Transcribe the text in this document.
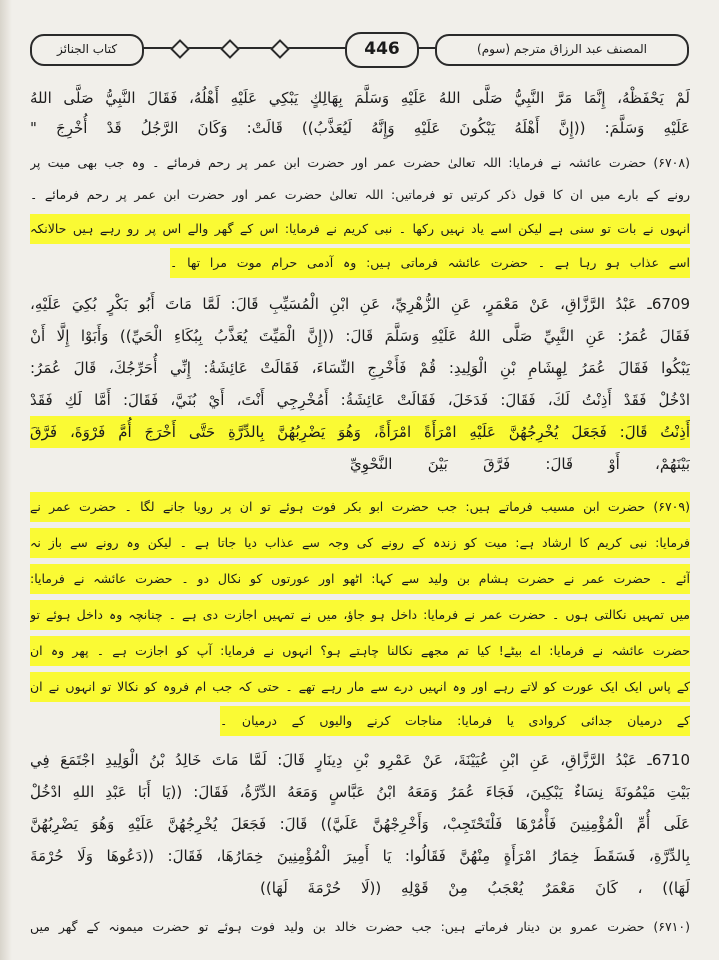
كتاب الجنائز	446	المصنف عبد الرزاق مترجم (سوم)
لَمْ يَحْفَظْهُ، إِنَّمَا مَرَّ النَّبِيُّ صَلَّى اللهُ عَلَيْهِ وَسَلَّمَ بِهَالِكٍ يَبْكِي عَلَيْهِ أَهْلُهُ، فَقَالَ النَّبِيُّ صَلَّى اللهُ
عَلَيْهِ وَسَلَّمَ: ((إِنَّ أَهْلَهُ يَبْكُونَ عَلَيْهِ وَإِنَّهُ لَيُعَذَّبُ)) قَالَتْ: وَكَانَ الرَّجُلُ قَدْ أُخْرِجَ "
(۶۷۰۸) حضرت عائشہ نے فرمایا: اللہ تعالیٰ حضرت عمر اور حضرت ابن عمر پر رحم فرمائے ۔ وہ جب بھی میت پر
رونے کے بارے میں ان کا قول ذکر کرتیں تو فرماتیں: اللہ تعالیٰ حضرت عمر اور حضرت ابن عمر پر رحم فرمائے ۔
انہوں نے بات تو سنی ہے لیکن اسے یاد نہیں رکھا ۔ نبی کریم نے فرمایا: اس کے گھر والے اس پر رو رہے ہیں حالانکہ
اسے عذاب ہو رہا ہے ۔ حضرت عائشہ فرماتی ہیں: وہ آدمی حرام موت مرا تھا ۔
6709ـ عَبْدُ الرَّزَّاقِ، عَنْ مَعْمَرٍ، عَنِ الزُّهْرِيِّ، عَنِ ابْنِ الْمُسَيِّبِ قَالَ: لَمَّا مَاتَ أَبُو بَكْرٍ بُكِيَ عَلَيْهِ،
فَقَالَ عُمَرُ: عَنِ النَّبِيِّ صَلَّى اللهُ عَلَيْهِ وَسَلَّمَ قَالَ: ((إِنَّ الْمَيِّتَ يُعَذَّبُ بِبُكَاءِ الْحَيِّ)) وَأَبَوْا إِلَّا أَنْ
يَبْكُوا فَقَالَ عُمَرُ لِهِشَامِ بْنِ الْوَلِيدِ: قُمْ فَأَخْرِجِ النِّسَاءَ، فَقَالَتْ عَائِشَةُ: إِنِّي أُحَرِّجُكَ، قَالَ عُمَرُ:
ادْخُلْ فَقَدْ أَذِنْتُ لَكَ، فَقَالَ: فَدَخَلَ، فَقَالَتْ عَائِشَةُ: أَمُخْرِجِي أَنْتَ، أَيْ بُنَيَّ، فَقَالَ: أَمَّا لَكِ فَقَدْ
أَذِنْتُ قَالَ: فَجَعَلَ يُخْرِجُهُنَّ عَلَيْهِ امْرَأَةً امْرَأَةً، وَهُوَ يَضْرِبُهُنَّ بِالدِّرَّةِ حَتَّى أَخْرَجَ أُمَّ فَرْوَةَ، فَرَّقَ
بَيْنَهُمْ، أَوْ قَالَ: فَرَّقَ بَيْنَ النَّحْوِيِّ
(۶۷۰۹) حضرت ابن مسیب فرماتے ہیں: جب حضرت ابو بکر فوت ہوئے تو ان پر رویا جانے لگا ۔ حضرت عمر نے
فرمایا: نبی کریم کا ارشاد ہے: میت کو زندہ کے رونے کی وجہ سے عذاب دیا جاتا ہے ۔ لیکن وہ رونے سے باز نہ
آئے ۔ حضرت عمر نے حضرت ہشام بن ولید سے کہا: اٹھو اور عورتوں کو نکال دو ۔ حضرت عائشہ نے فرمایا:
میں تمہیں نکالتی ہوں ۔ حضرت عمر نے فرمایا: داخل ہو جاؤ، میں نے تمہیں اجازت دی ہے ۔ چنانچہ وہ داخل ہوئے تو
حضرت عائشہ نے فرمایا: اے بیٹے! کیا تم مجھے نکالنا چاہتے ہو؟ انہوں نے فرمایا: آپ کو اجازت ہے ۔ پھر وہ ان
کے پاس ایک ایک عورت کو لاتے رہے اور وہ انہیں درے سے مار رہے تھے ۔ حتی کہ جب ام فروہ کو نکالا تو انہوں نے ان
کے درمیان جدائی کروادی یا فرمایا: مناجات کرنے والیوں کے درمیان ۔
6710ـ عَبْدُ الرَّزَّاقِ، عَنِ ابْنِ عُيَيْنَةَ، عَنْ عَمْرِو بْنِ دِينَارٍ قَالَ: لَمَّا مَاتَ خَالِدُ بْنُ الْوَلِيدِ اجْتَمَعَ فِي
بَيْتِ مَيْمُونَةَ نِسَاءٌ يَبْكِينَ، فَجَاءَ عُمَرُ وَمَعَهُ ابْنُ عَبَّاسٍ وَمَعَهُ الدِّرَّةُ، فَقَالَ: ((يَا أَبَا عَبْدِ اللهِ ادْخُلْ
عَلَى أُمِّ الْمُؤْمِنِينَ فَأْمُرْهَا فَلْتَحْتَجِبْ، وَأَخْرِجْهُنَّ عَلَيَّ)) قَالَ: فَجَعَلَ يُخْرِجُهُنَّ عَلَيْهِ وَهُوَ يَضْرِبُهُنَّ
بِالدِّرَّةِ، فَسَقَطَ خِمَارُ امْرَأَةٍ مِنْهُنَّ فَقَالُوا: يَا أَمِيرَ الْمُؤْمِنِينَ خِمَارُهَا، فَقَالَ: ((دَعُوهَا وَلَا حُرْمَةَ
لَهَا)) ، كَانَ مَعْمَرٌ يُعْجَبُ مِنْ قَوْلِهِ ((لَا حُرْمَةَ لَهَا))
(۶۷۱۰) حضرت عمرو بن دینار فرماتے ہیں: جب حضرت خالد بن ولید فوت ہوئے تو حضرت میمونہ کے گھر میں
